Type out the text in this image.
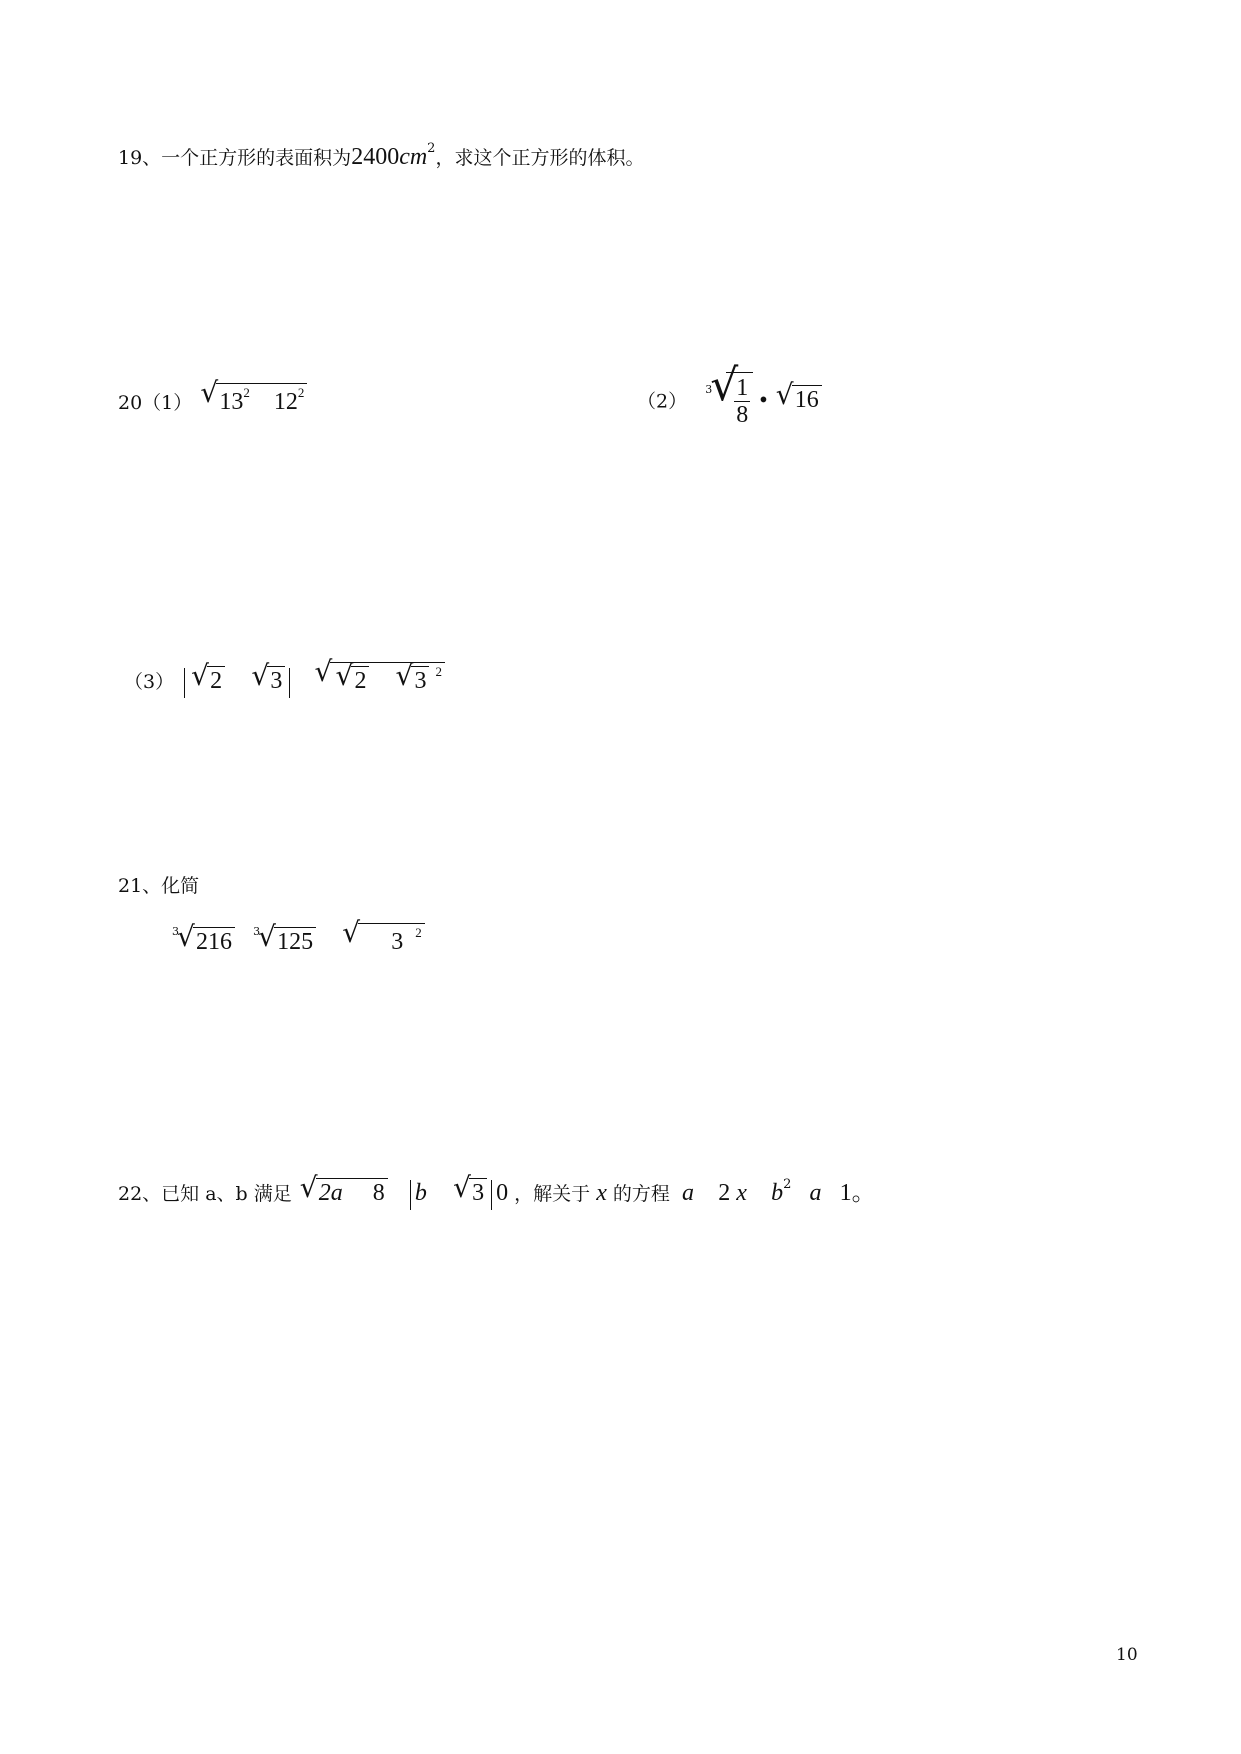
19、一个正方形的表面积为$2400cm^2$，求这个正方形的体积。
20（1） √ $13^2$ $12^2$	（2）   $^3$
√
$\frac{1}{8}$ • √ 16
（3） √ 2 √ 3 √ √ 2 √ 3 $^2$
21、化简
$^3$
√ 216 $^3$
√ 125 √ 3 $^2$
22、已知 a、b 满足 √ 2a 8 b √ 3 0 ，解关于 x 的方程 a 2 x $b^2$ a 1。
10
